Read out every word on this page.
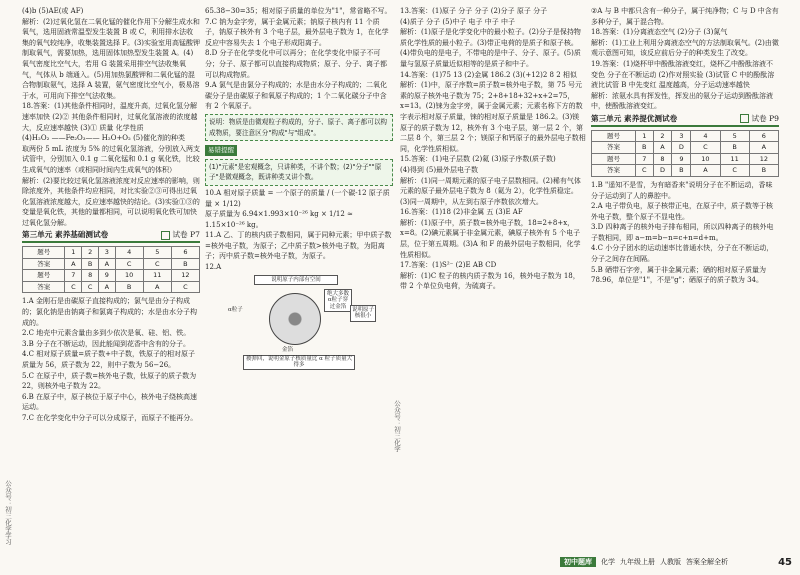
(4)b (5)AE(或 AF)

解析：(2)过氧化氢在二氧化锰的催化作用下分解生成水和氧气，选用固液常温型发生装置 B 或 C，利用排水法收集的氧气较纯净，收集装置选择 F。(3)实验室用高锰酸钾制取氧气，需要加热，选用固体加热型发生装置 A。(4)氧气密度比空气大，若用 G 装置采用排空气法收集氧气，气体从 b 端通入。(5)用加热氯酸钾和二氧化锰的混合物制取氨气，选择 A 装置，氨气密度比空气小，极易溶于水，可用向下排空气法收集。

18.答案：(1)其他条件相同时，温度升高，过氧化氢分解速率加快 (2)② 其他条件相同时，过氧化氢溶液的浓度越大，反应速率越快 (3)① 质量 化学性质

(4)H₂O₂ ——Fe₂O₃—— H₂O+O₂ (5)催化剂的种类

取两份 5 mL 浓度为 5% 的过氧化氢溶液，分别放入两支试管中，分别加入 0.1 g 二氧化锰和 0.1 g 氧化铁，比较生成氧气的速率（或相同时间内生成氧气的体积）

解析：(2)要比较过氧化氢溶液浓度对反应速率的影响，则除浓度外，其他条件均应相同，对比实验②③可得出过氧化氢溶液浓度越大，反应速率越快的结论。(3)实验①③的变量是氧化铁，其他的量都相同，可以说明氧化铁可加快过氧化氢分解。

第三单元 素养基础测试卷	试卷 P7
题号	1	2	3	4	5	6
答案	A	B	A	C	C	B
题号	7	8	9	10	11	12
答案	C	C	A	B	A	C

1.A 金刚石是由碳原子直接构成的；氯气是由分子构成的；氯化钠是由钠离子和氯离子构成的；水是由水分子构成的。

2.C 地壳中元素含量由多到少依次是氧、硅、铝、铁。

3.B 分子在不断运动，因此能闻到花香中含有的分子。

4.C 相对原子质量=质子数+中子数，铁原子的相对原子质量为 56，质子数为 22，则中子数为 56−26。

5.C 在原子中，质子数=核外电子数，钛原子的质子数为 22，则核外电子数为 22。

6.B 在原子中，原子核位于原子中心，核外电子绕核高速运动。

7.C 在化学变化中分子可以分成原子，而原子不能再分。

65.38−30=35；相对原子质量的单位为"1"，常省略不写。

7.C 钠为金字旁，属于金属元素；钠原子核内有 11 个质子，钠原子核外有 3 个电子层，最外层电子数为 1，在化学反应中容易失去 1 个电子形成阳离子。

8.D 分子在化学变化中可以再分；在化学变化中原子不可分；分子、原子都可以直接构成物质；原子、分子、离子都可以构成物质。

9.A 氯气是由氯分子构成的；水是由水分子构成的；二氧化碳分子是由碳原子和氧原子构成的；1 个二氧化碳分子中含有 2 个氧原子。

说明：物质是由微观粒子构成的，分子、原子、离子都可以构成物质，要注意区分"构成"与"组成"。
易错提醒
(1)"元素"是宏观概念，只讲种类，不讲个数；(2)"分子""原子"是微观概念，既讲种类又讲个数。

10.A 相对原子质量 = 一个原子的质量 / (一个碳-12 原子质量 × 1/12)

原子质量为 6.94×1.993×10⁻²⁶ kg × 1/12 ≈ 1.15×10⁻²⁶ kg。

11.A 乙、丁的核内质子数相同，属于同种元素；甲中质子数=核外电子数，为原子；乙中质子数>核外电子数，为阳离子；丙中质子数=核外电子数，为原子。

12.A

说明原子内部有空间
α粒子
金箔
绝大多数α粒子穿过金箔	说明原子核很小
被弹回，说明金原子核质量比 α 粒子质量大得多

13.答案：(1)原子 分子 分子 (2)分子 原子 分子

(4)质子 分子 (5)中子 电子 中子 中子

解析：(1)原子是化学变化中的最小粒子。(2)分子是保持物质化学性质的最小粒子。(3)带正电荷的是质子和原子核。(4)带负电的是电子，不带电的是中子、分子、原子。(5)质量与氢原子质量近似相等的是质子和中子。

14.答案：(1)75 13 (2)金属 186.2 (3)(+12)2 8 2 相似

解析：(1)中，原子序数=质子数=核外电子数，第 75 号元素的原子核外电子数为 75；2+8+18+32+x+2=75，x=13。(2)铼为金字旁，属于金属元素；元素名称下方的数字表示相对原子质量，铼的相对原子质量是 186.2。(3)镁原子的质子数为 12，核外有 3 个电子层，第一层 2 个，第二层 8 个，第三层 2 个；镁原子和钙原子的最外层电子数相同，化学性质相似。

15.答案：(1)电子层数 (2)氦 (3)原子序数(质子数)

(4)得到 (5)最外层电子数

解析：(1)同一周期元素的原子电子层数相同。(2)稀有气体元素的原子最外层电子数为 8（氦为 2），化学性质稳定。(3)同一周期中，从左到右原子序数依次增大。

16.答案：(1)18 (2)非金属 五 (3)E AF

解析：(1)原子中，质子数=核外电子数，18=2+8+x，x=8。(2)碘元素属于非金属元素，碘原子核外有 5 个电子层，位于第五周期。(3)A 和 F 的最外层电子数相同，化学性质相似。

17.答案：(1)S²⁻ (2)E AB CD

解析：(1)C 粒子的核内质子数为 16，核外电子数为 18，带 2 个单位负电荷，为硫离子。

②A 与 B 中都只含有一种分子，属于纯净物；C 与 D 中含有多种分子，属于混合物。

18.答案：(1)分离液态空气 (2)分子 (3)氮气

解析：(1)工业上利用分离液态空气的方法制取氧气。(2)由微观示意图可知，该反应前后分子的种类发生了改变。

19.答案：(1)烧杯甲中酚酞溶液变红，烧杯乙中酚酞溶液不变色 分子在不断运动 (2)作对照实验 (3)试管 C 中的酚酞溶液比试管 B 中先变红 温度越高，分子运动速率越快

解析：浓氨水具有挥发性，挥发出的氨分子运动到酚酞溶液中，使酚酞溶液变红。

第三单元 素养提优测试卷	试卷 P9
题号	1	2	3	4	5	6
答案	B	A	D	C	B	A
题号	7	8	9	10	11	12
答案	C	D	B	A	C	B

1.B "遥知不是雪，为有暗香来"说明分子在不断运动，香味分子运动到了人的鼻腔中。

2.A 电子带负电，原子核带正电，在原子中，质子数等于核外电子数，整个原子不显电性。

3.D 四种离子的核外电子排布相同，所以四种离子的核外电子数相同，即 a−m=b−n=c+n=d+m。

4.C 小分子团水的运动速率比普通水快，分子在不断运动，分子之间存在间隔。

5.B 硒带石字旁，属于非金属元素；硒的相对原子质量为 78.96，单位是"1"，不是"g"；硒原子的质子数为 34。

公众号：初三化学学习
公众号：初三化学
初中题库	化学 九年级上册 人教版 答案全解全析	45
